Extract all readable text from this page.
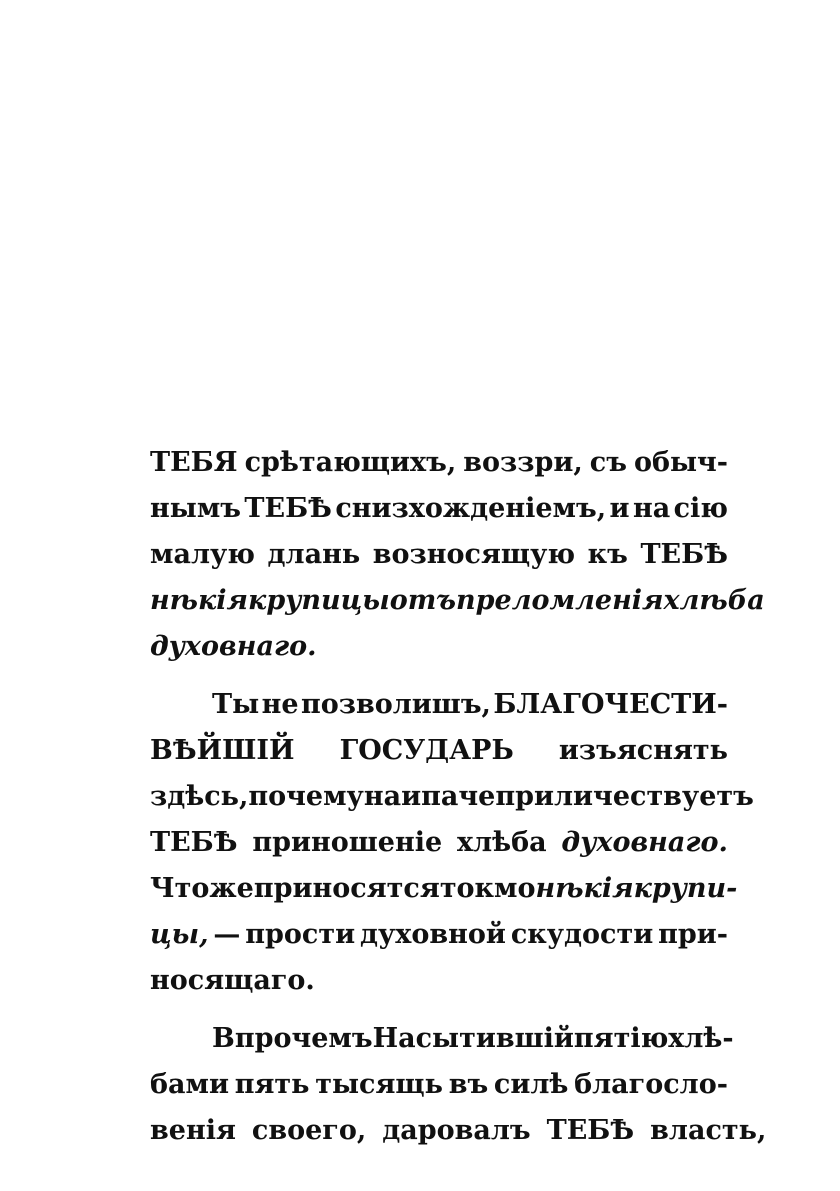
ТЕБЯ срѣтающихъ, воззри, съ обыч-
нымъ ТЕБѢ снизхожденіемъ, и на сію
малую длань возносящую къ ТЕБѢ
нѣкія крупицы отъ преломленія хлѣба
духовнаго.
Ты не позволишъ, БЛАГОЧЕСТИ-
ВѢЙШІЙ ГОСУДАРЬ изъяснять
здѣсь, почему наипаче приличествуетъ
ТЕБѢ приношеніе хлѣба духовнаго.
Что же приносятся токмо нѣкія крупи-
цы, — прости духовной скудости при-
носящаго.
Впрочемъ Насытившій пятію хлѣ-
бами пять тысящь въ силѣ благосло-
венія своего, даровалъ ТЕБѢ власть,
